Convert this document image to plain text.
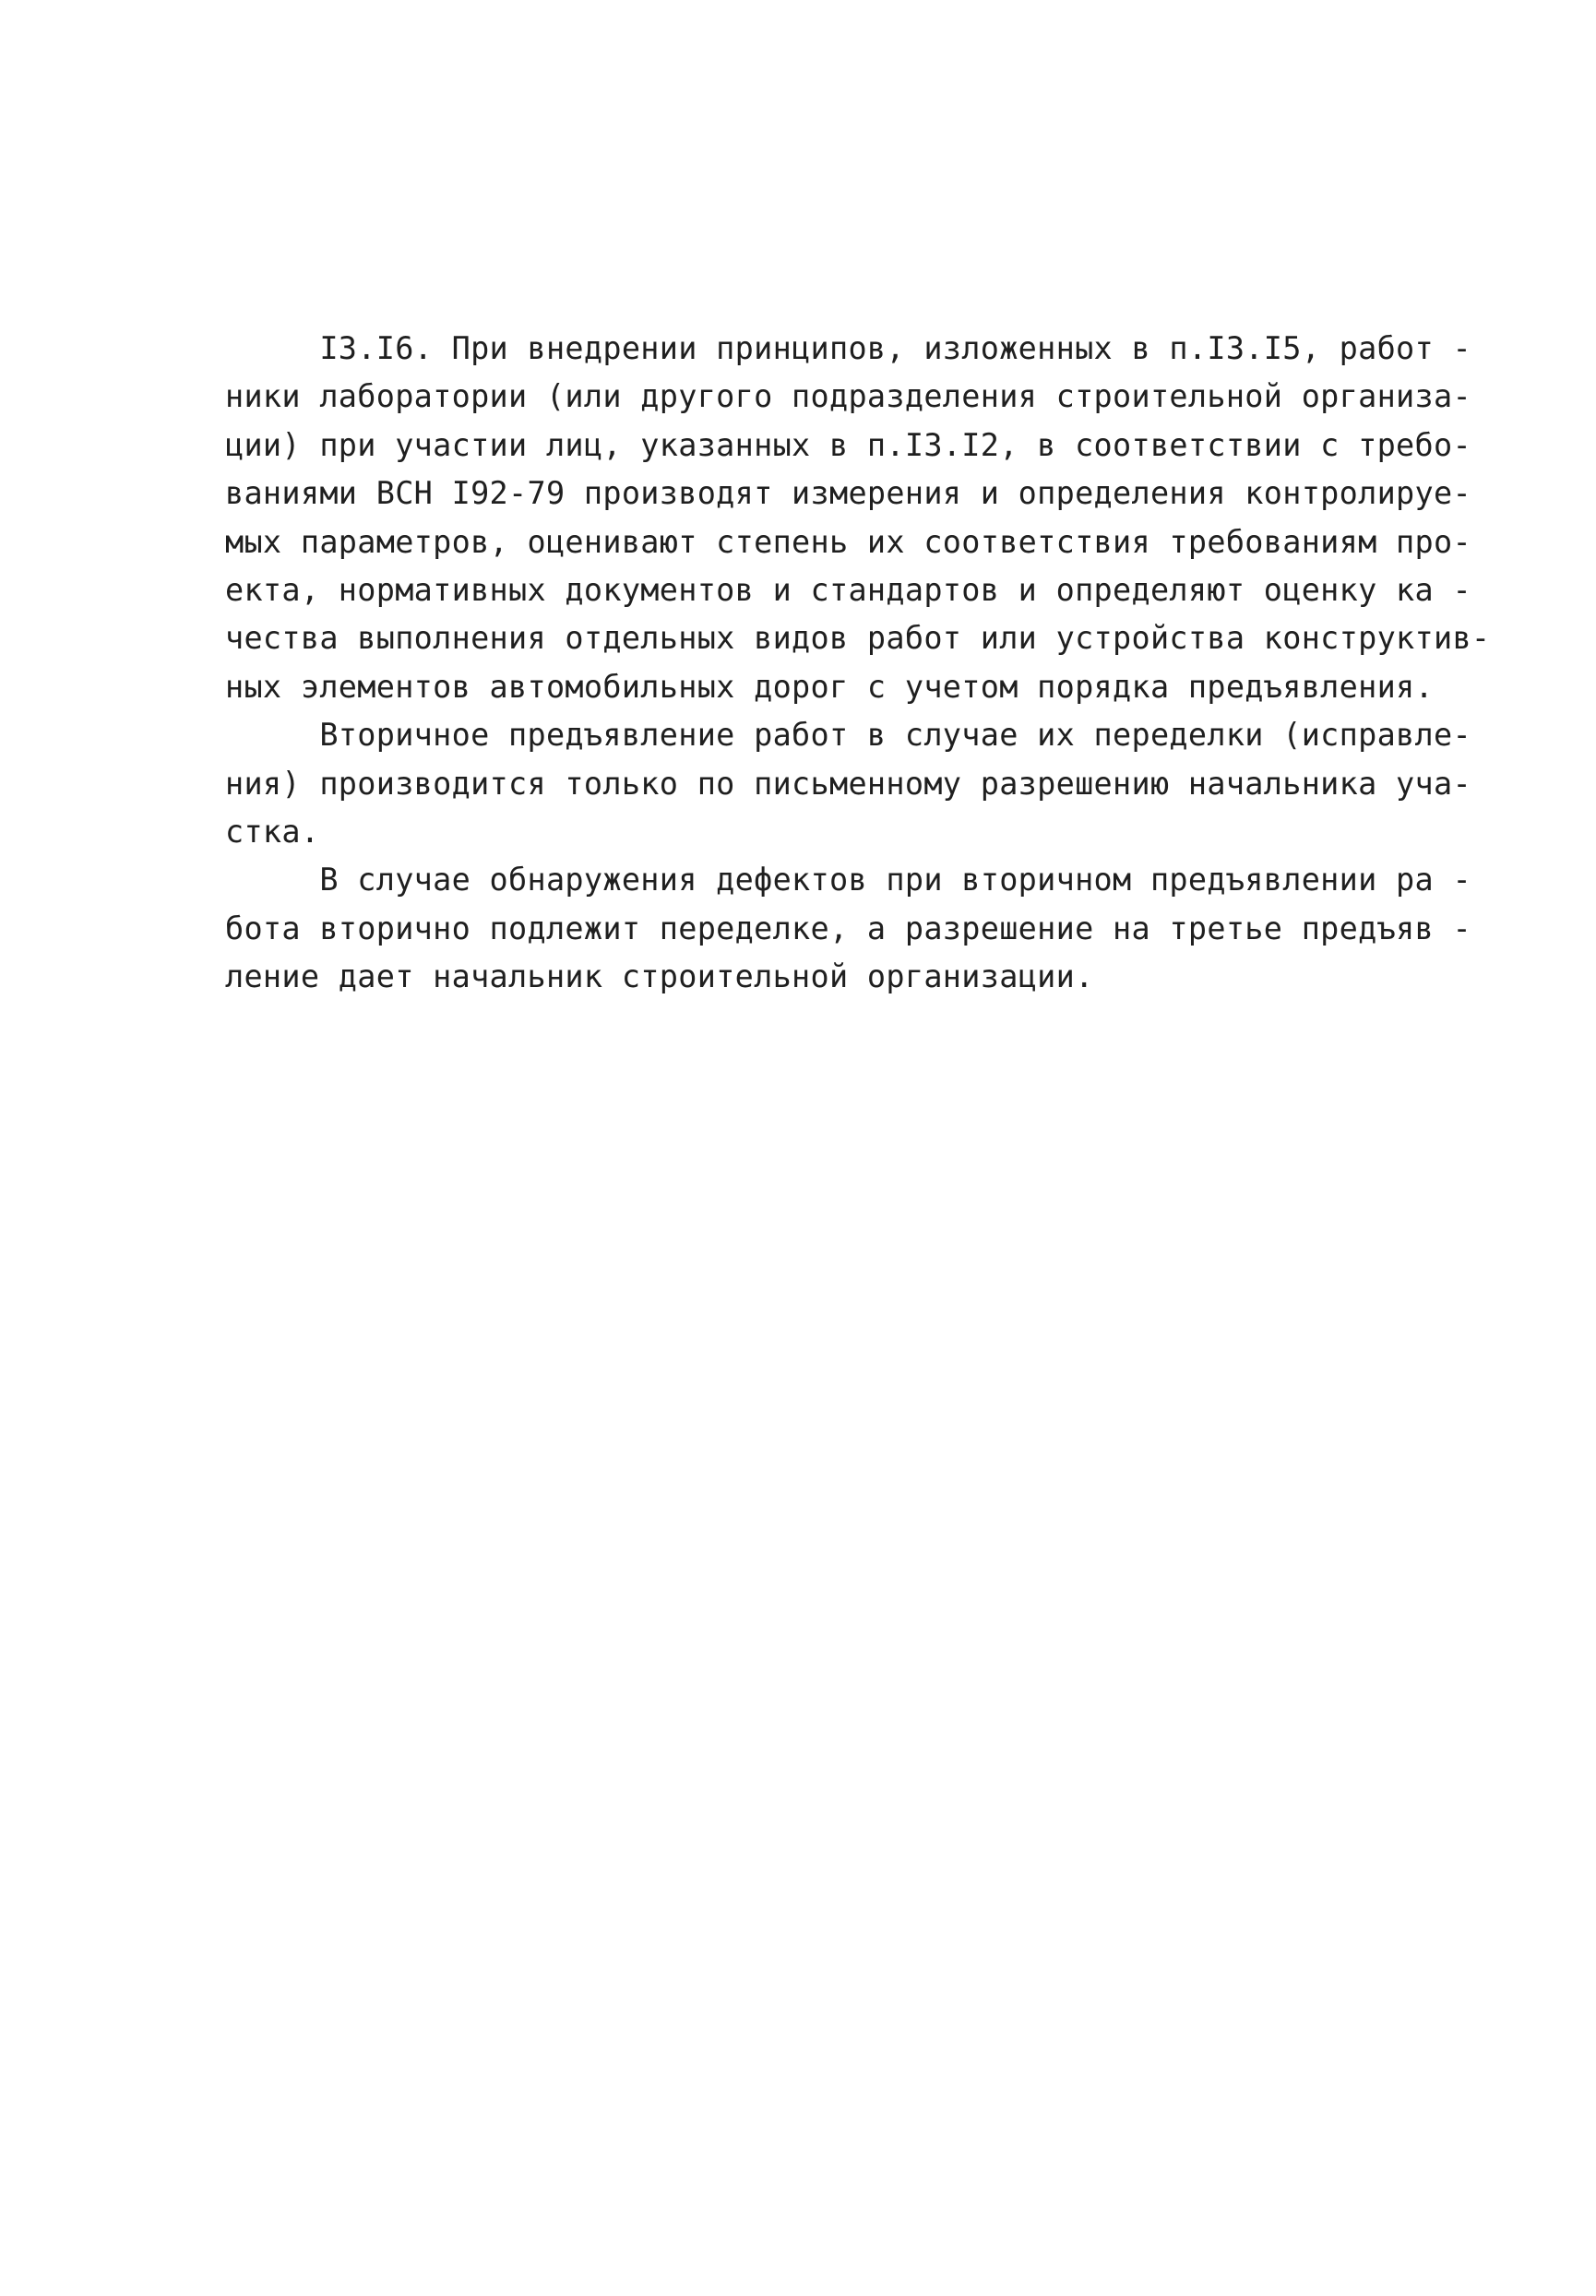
I3.I6. При внедрении принципов, изложенных в п.I3.I5, работ -
ники лаборатории (или другого подразделения строительной организа-
ции) при участии лиц, указанных в п.I3.I2, в соответствии с требо-
ваниями ВСН I92-79 производят измерения и определения контролируе-
мых параметров, оценивают степень их соответствия требованиям про-
екта, нормативных документов и стандартов и определяют оценку ка -
чества выполнения отдельных видов работ или устройства конструктив-
ных элементов автомобильных дорог с учетом порядка предъявления.
Вторичное предъявление работ в случае их переделки (исправле-
ния) производится только по письменному разрешению начальника уча-
стка.
В случае обнаружения дефектов при вторичном предъявлении ра -
бота вторично подлежит переделке, а разрешение на третье предъяв -
ление дает начальник строительной организации.
